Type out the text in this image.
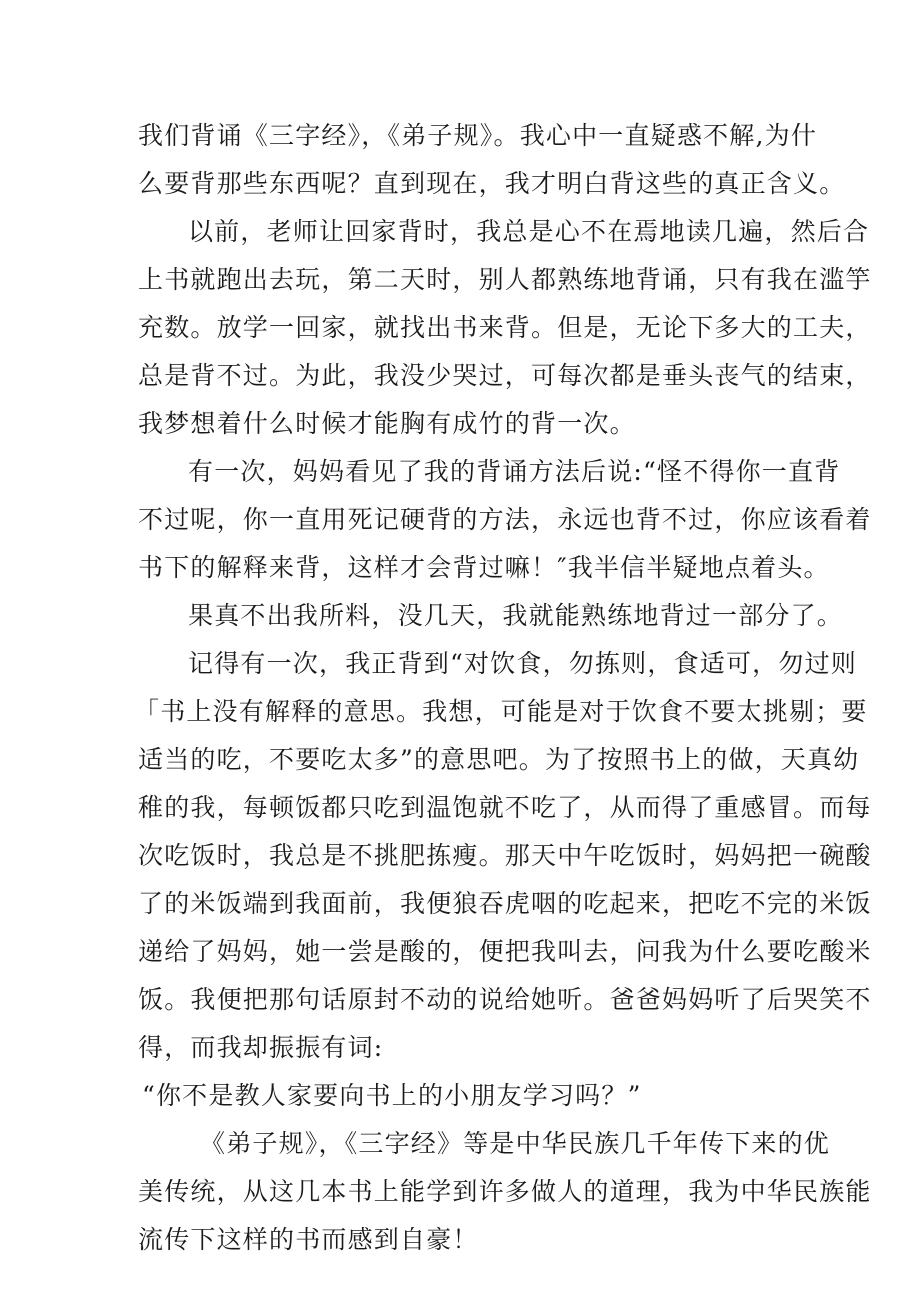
我们背诵《三字经》，《弟子规》。我心中一直疑惑不解,为什
么要背那些东西呢？直到现在，我才明白背这些的真正含义。
以前，老师让回家背时，我总是心不在焉地读几遍，然后合
上书就跑出去玩，第二天时，别人都熟练地背诵，只有我在滥竽
充数。放学一回家，就找出书来背。但是，无论下多大的工夫，
总是背不过。为此，我没少哭过，可每次都是垂头丧气的结束，
我梦想着什么时候才能胸有成竹的背一次。
有一次，妈妈看见了我的背诵方法后说:“怪不得你一直背
不过呢，你一直用死记硬背的方法，永远也背不过，你应该看着
书下的解释来背，这样才会背过嘛！″我半信半疑地点着头。
果真不出我所料，没几天，我就能熟练地背过一部分了。
记得有一次，我正背到“对饮食，勿拣则，食适可，勿过则
「书上没有解释的意思。我想，可能是对于饮食不要太挑剔；要
适当的吃，不要吃太多”的意思吧。为了按照书上的做，天真幼
稚的我，每顿饭都只吃到温饱就不吃了，从而得了重感冒。而每
次吃饭时，我总是不挑肥拣瘦。那天中午吃饭时，妈妈把一碗酸
了的米饭端到我面前，我便狼吞虎咽的吃起来，把吃不完的米饭
递给了妈妈，她一尝是酸的，便把我叫去，问我为什么要吃酸米
饭。我便把那句话原封不动的说给她听。爸爸妈妈听了后哭笑不
得，而我却振振有词:
“你不是教人家要向书上的小朋友学习吗？”
《弟子规》，《三字经》等是中华民族几千年传下来的优
美传统，从这几本书上能学到许多做人的道理，我为中华民族能
流传下这样的书而感到自豪！
